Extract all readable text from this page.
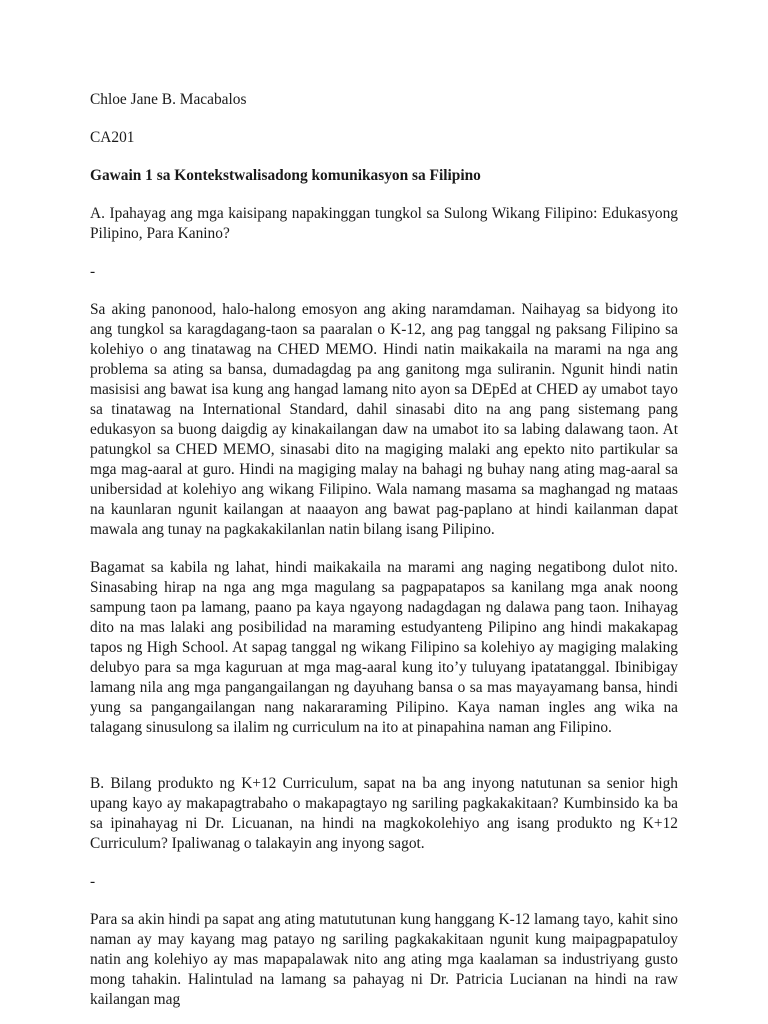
Chloe Jane B. Macabalos

CA201

Gawain 1 sa Kontekstwalisadong komunikasyon sa Filipino

A. Ipahayag ang mga kaisipang napakinggan tungkol sa Sulong Wikang Filipino: Edukasyong Pilipino, Para Kanino?

-

Sa aking panonood, halo-halong emosyon ang aking naramdaman. Naihayag sa bidyong ito ang tungkol sa karagdagang-taon sa paaralan o K-12, ang pag tanggal ng paksang Filipino sa kolehiyo o ang tinatawag na CHED MEMO. Hindi natin maikakaila na marami na nga ang problema sa ating sa bansa, dumadagdag pa ang ganitong mga suliranin. Ngunit hindi natin masisisi ang bawat isa kung ang hangad lamang nito ayon sa DEpEd at CHED ay umabot tayo sa tinatawag na International Standard, dahil sinasabi dito na ang pang sistemang pang edukasyon sa buong daigdig ay kinakailangan daw na umabot ito sa labing dalawang taon. At patungkol sa CHED MEMO, sinasabi dito na magiging malaki ang epekto nito partikular sa mga mag-aaral at guro. Hindi na magiging malay na bahagi ng buhay nang ating mag-aaral sa unibersidad at kolehiyo ang wikang Filipino. Wala namang masama sa maghangad ng mataas na kaunlaran ngunit kailangan at naaayon ang bawat pag-paplano at hindi kailanman dapat mawala ang tunay na pagkakakilanlan natin bilang isang Pilipino.

Bagamat sa kabila ng lahat, hindi maikakaila na marami ang naging negatibong dulot nito. Sinasabing hirap na nga ang mga magulang sa pagpapatapos sa kanilang mga anak noong sampung taon pa lamang, paano pa kaya ngayong nadagdagan ng dalawa pang taon. Inihayag dito na mas lalaki ang posibilidad na maraming estudyanteng Pilipino ang hindi makakapag tapos ng High School. At sapag tanggal ng wikang Filipino sa kolehiyo ay magiging malaking delubyo para sa mga kaguruan at mga mag-aaral kung ito’y tuluyang ipatatanggal. Ibinibigay lamang nila ang mga pangangailangan ng dayuhang bansa o sa mas mayayamang bansa, hindi yung sa pangangailangan nang nakararaming Pilipino. Kaya naman ingles ang wika na talagang sinusulong sa ilalim ng curriculum na ito at pinapahina naman ang Filipino.

B. Bilang produkto ng K+12 Curriculum, sapat na ba ang inyong natutunan sa senior high upang kayo ay makapagtrabaho o makapagtayo ng sariling pagkakakitaan? Kumbinsido ka ba sa ipinahayag ni Dr. Licuanan, na hindi na magkokolehiyo ang isang produkto ng K+12 Curriculum? Ipaliwanag o talakayin ang inyong sagot.

-

Para sa akin hindi pa sapat ang ating matututunan kung hanggang K-12 lamang tayo, kahit sino naman ay may kayang mag patayo ng sariling pagkakakitaan ngunit kung maipagpapatuloy natin ang kolehiyo ay mas mapapalawak nito ang ating mga kaalaman sa industriyang gusto mong tahakin. Halintulad na lamang sa pahayag ni Dr. Patricia Lucianan na hindi na raw kailangan mag
